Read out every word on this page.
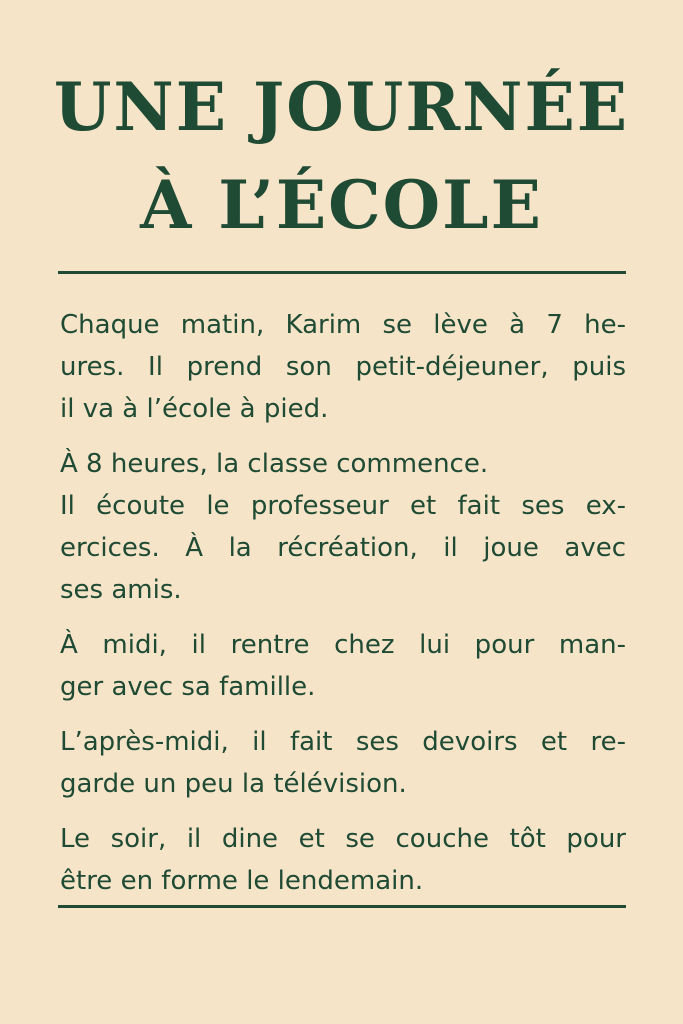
UNE JOURNÉE
À L’ÉCOLE

Chaque matin, Karim se lève à 7 he-
ures. Il prend son petit-déjeuner, puis
il va à l’école à pied.

À 8 heures, la classe commence.
Il écoute le professeur et fait ses ex-
ercices. À la récréation, il joue avec
ses amis.

À midi, il rentre chez lui pour man-
ger avec sa famille.

L’après-midi, il fait ses devoirs et re-
garde un peu la télévision.

Le soir, il dine et se couche tôt pour
être en forme le lendemain.
